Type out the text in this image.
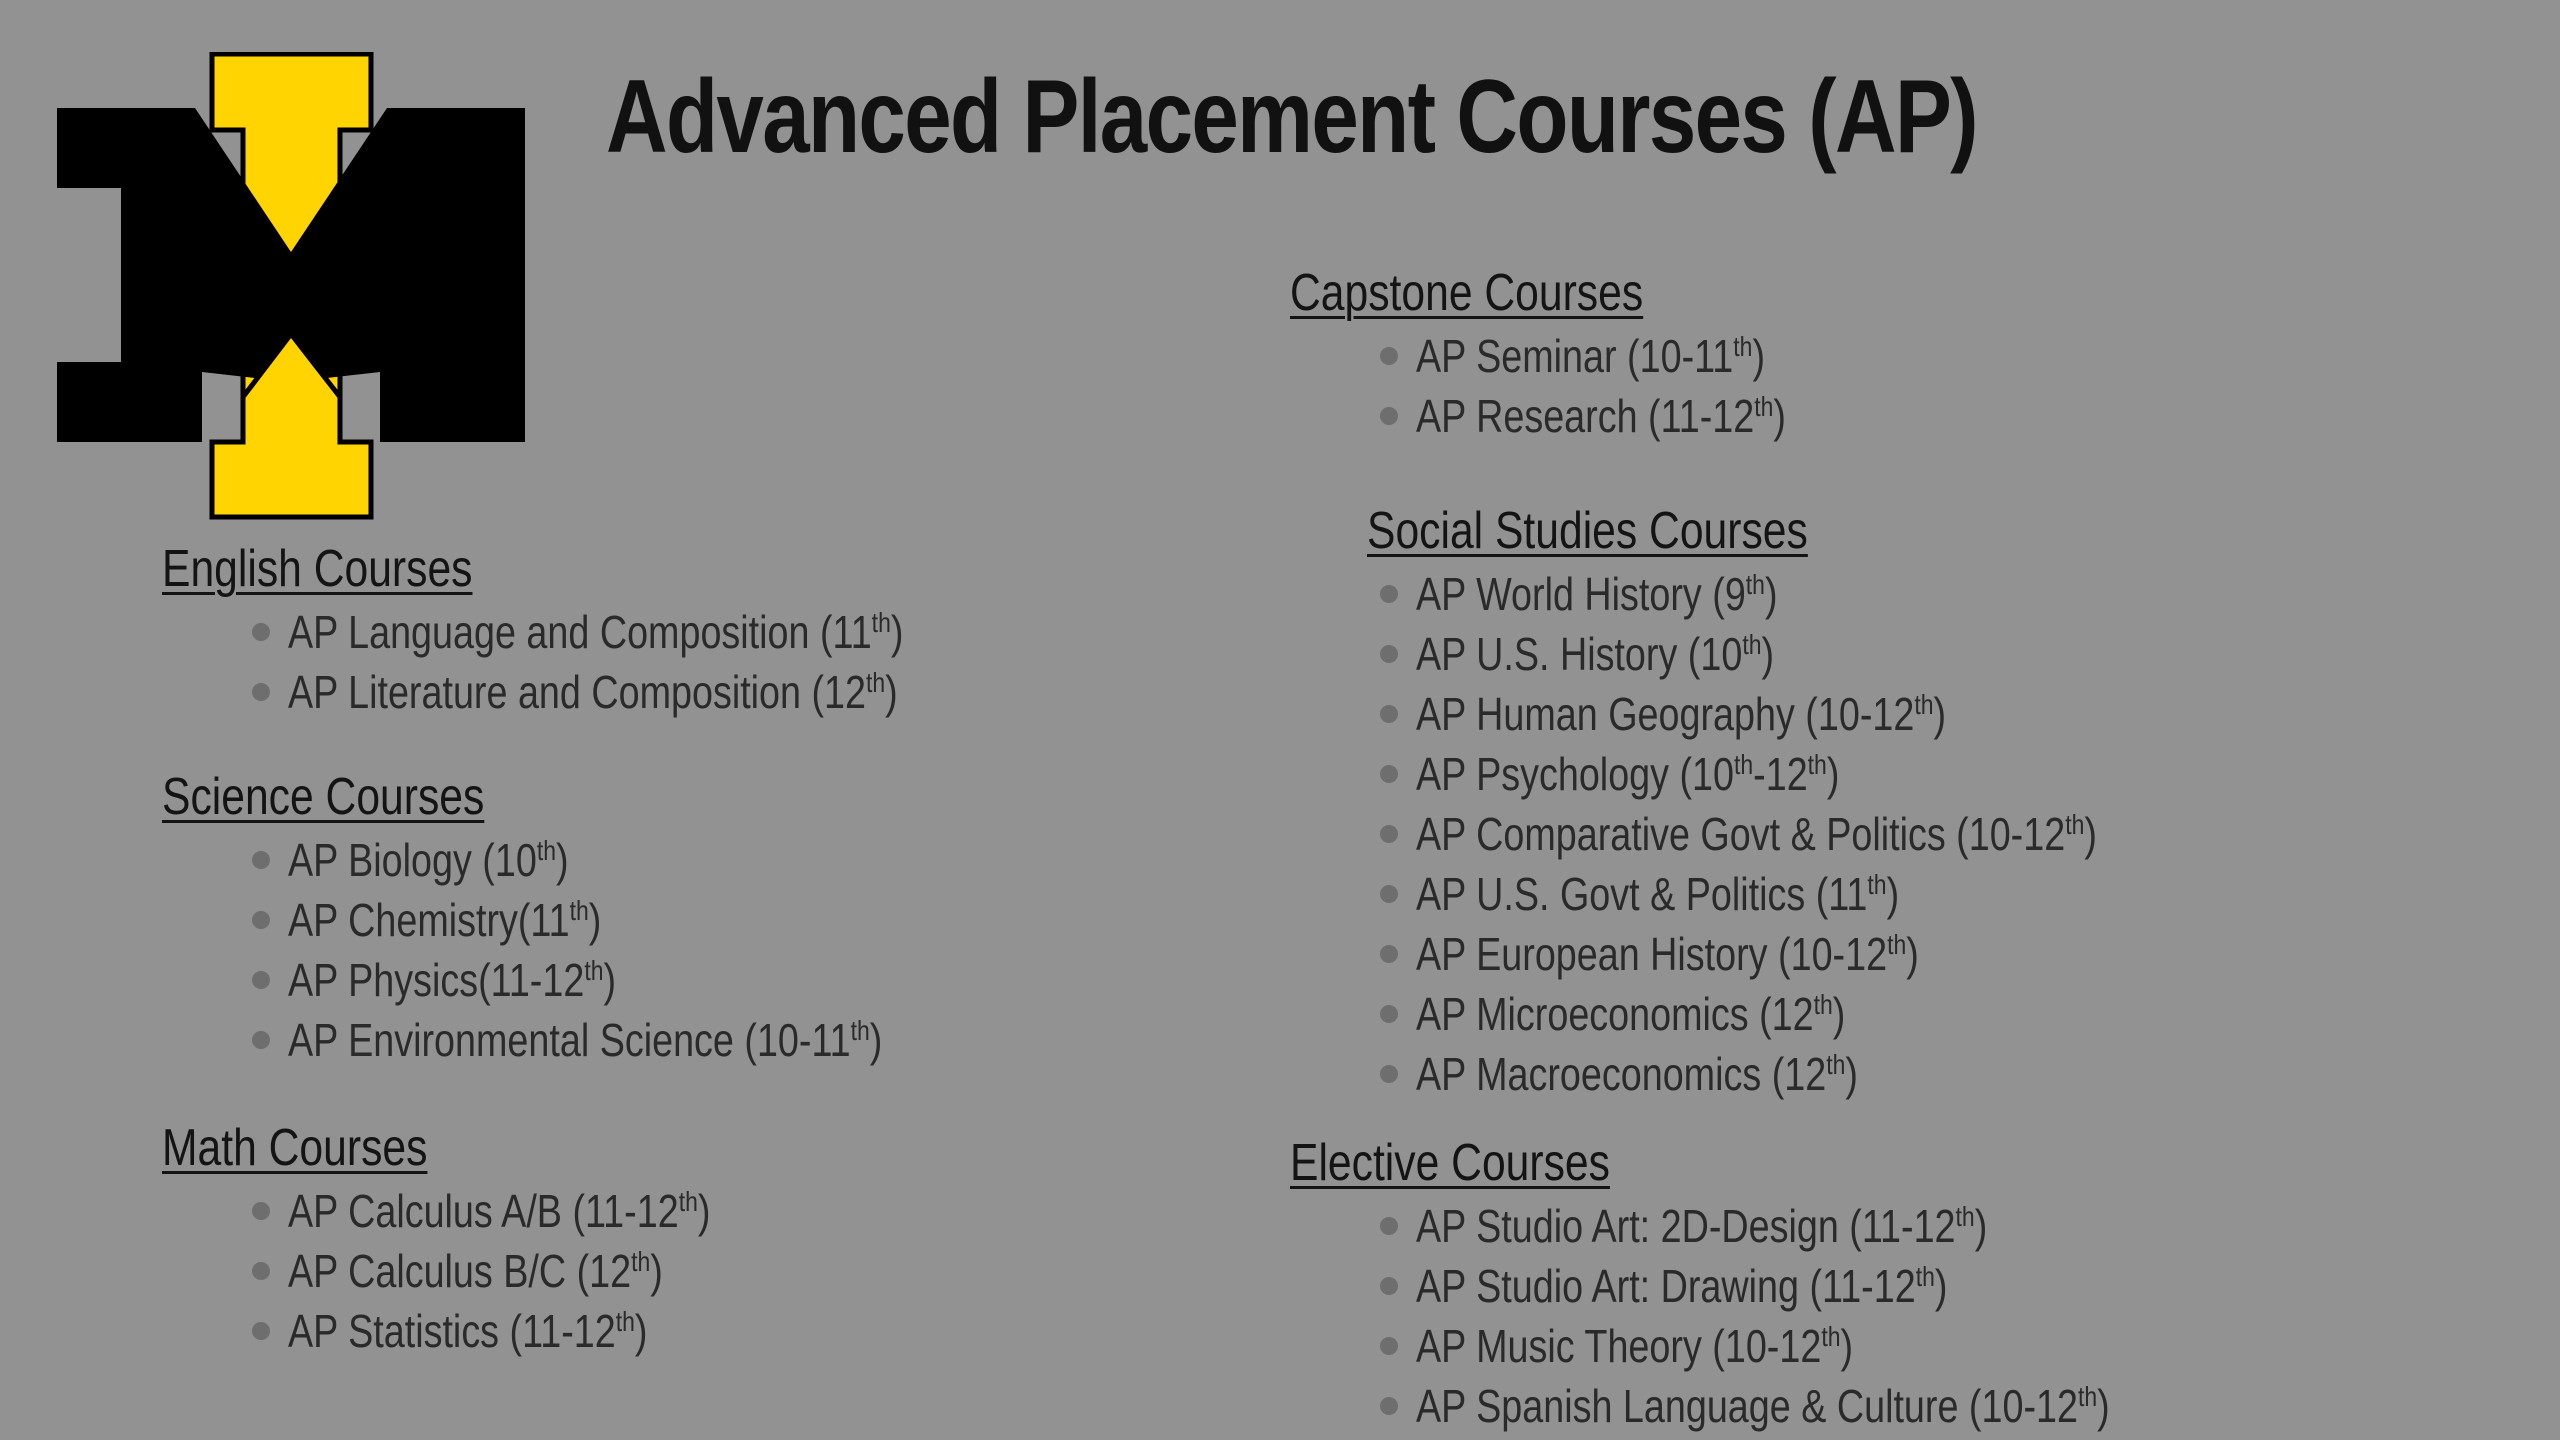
Advanced Placement Courses (AP)
English Courses
AP Language and Composition (11th)
AP Literature and Composition (12th)
Science Courses
AP Biology (10th)
AP Chemistry(11th)
AP Physics(11-12th)
AP Environmental Science (10-11th)
Math Courses
AP Calculus A/B (11-12th)
AP Calculus B/C (12th)
AP Statistics (11-12th)
Capstone Courses
AP Seminar (10-11th)
AP Research (11-12th)
Social Studies Courses
AP World History (9th)
AP U.S. History (10th)
AP Human Geography (10-12th)
AP Psychology (10th-12th)
AP Comparative Govt & Politics (10-12th)
AP U.S. Govt & Politics (11th)
AP European History (10-12th)
AP Microeconomics (12th)
AP Macroeconomics (12th)
Elective Courses
AP Studio Art: 2D-Design (11-12th)
AP Studio Art: Drawing (11-12th)
AP Music Theory (10-12th)
AP Spanish Language & Culture (10-12th)
